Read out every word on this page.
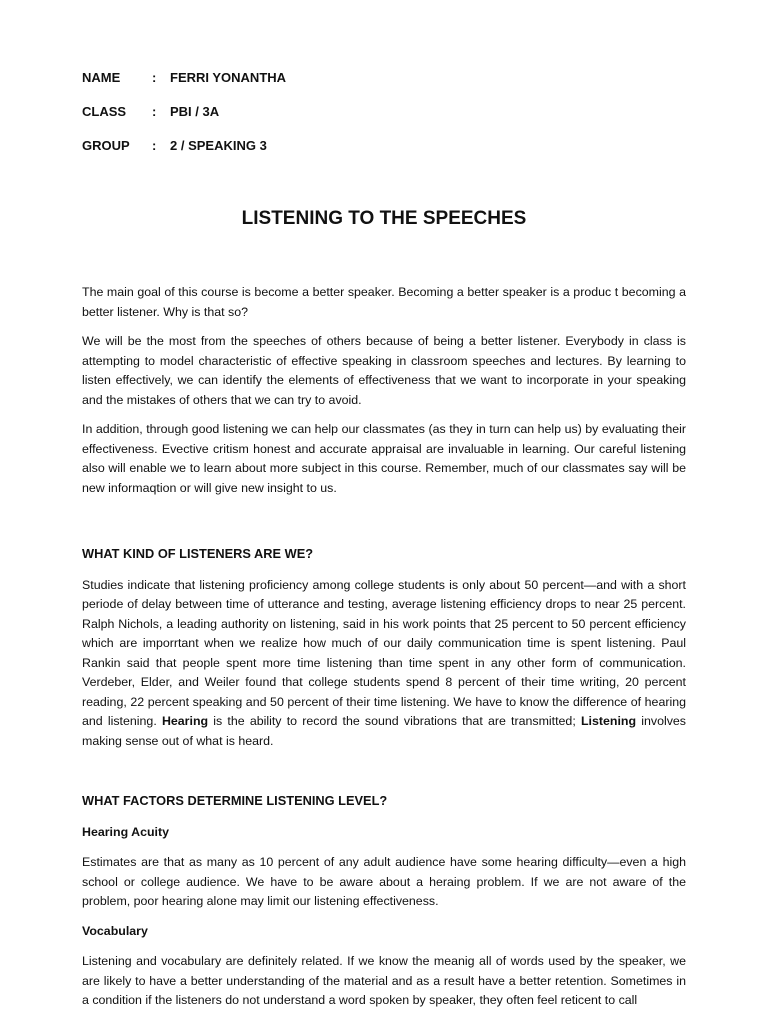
NAME	:	FERRI YONANTHA
CLASS	:	PBI / 3A
GROUP	:	2 / SPEAKING 3
LISTENING TO THE SPEECHES

The main goal of this course is become a better speaker. Becoming a better speaker is a produc t becoming a better listener. Why is that so?

We will be the most from the speeches of others because of being a better listener. Everybody in class is attempting to model characteristic of effective speaking in classroom speeches and lectures. By learning to listen effectively, we can identify the elements of effectiveness that we want to incorporate in your speaking and the mistakes of others that we can try to avoid.

In addition, through good listening we can help our classmates (as they in turn can help us) by evaluating their effectiveness. Evective critism honest and accurate appraisal are invaluable in learning. Our careful listening also will enable we to learn about more subject in this course. Remember, much of our classmates say will be new informaqtion or will give new insight to us.

WHAT KIND OF LISTENERS ARE WE?

Studies indicate that listening proficiency among college students is only about 50 percent—and with a short periode of delay between time of utterance and testing, average listening efficiency drops to near 25 percent. Ralph Nichols, a leading authority on listening, said in his work points that 25 percent to 50 percent efficiency which are imporrtant when we realize how much of our daily communication time is spent listening. Paul Rankin said that people spent more time listening than time spent in any other form of communication. Verdeber, Elder, and Weiler found that college students spend 8 percent of their time writing, 20 percent reading, 22 percent speaking and 50 percent of their time listening. We have to know the difference of hearing and listening. Hearing is the ability to record the sound vibrations that are transmitted; Listening involves making sense out of what is heard.

WHAT FACTORS DETERMINE LISTENING LEVEL?
Hearing Acuity

Estimates are that as many as 10 percent of any adult audience have some hearing difficulty—even a high school or college audience. We have to be aware about a heraing problem. If we are not aware of the problem, poor hearing alone may limit our listening effectiveness.

Vocabulary

Listening and vocabulary are definitely related. If we know the meanig all of words used by the speaker, we are likely to have a better understanding of the material and as a result have a better retention. Sometimes in a condition if the listeners do not understand a word spoken by speaker, they often feel reticent to call
